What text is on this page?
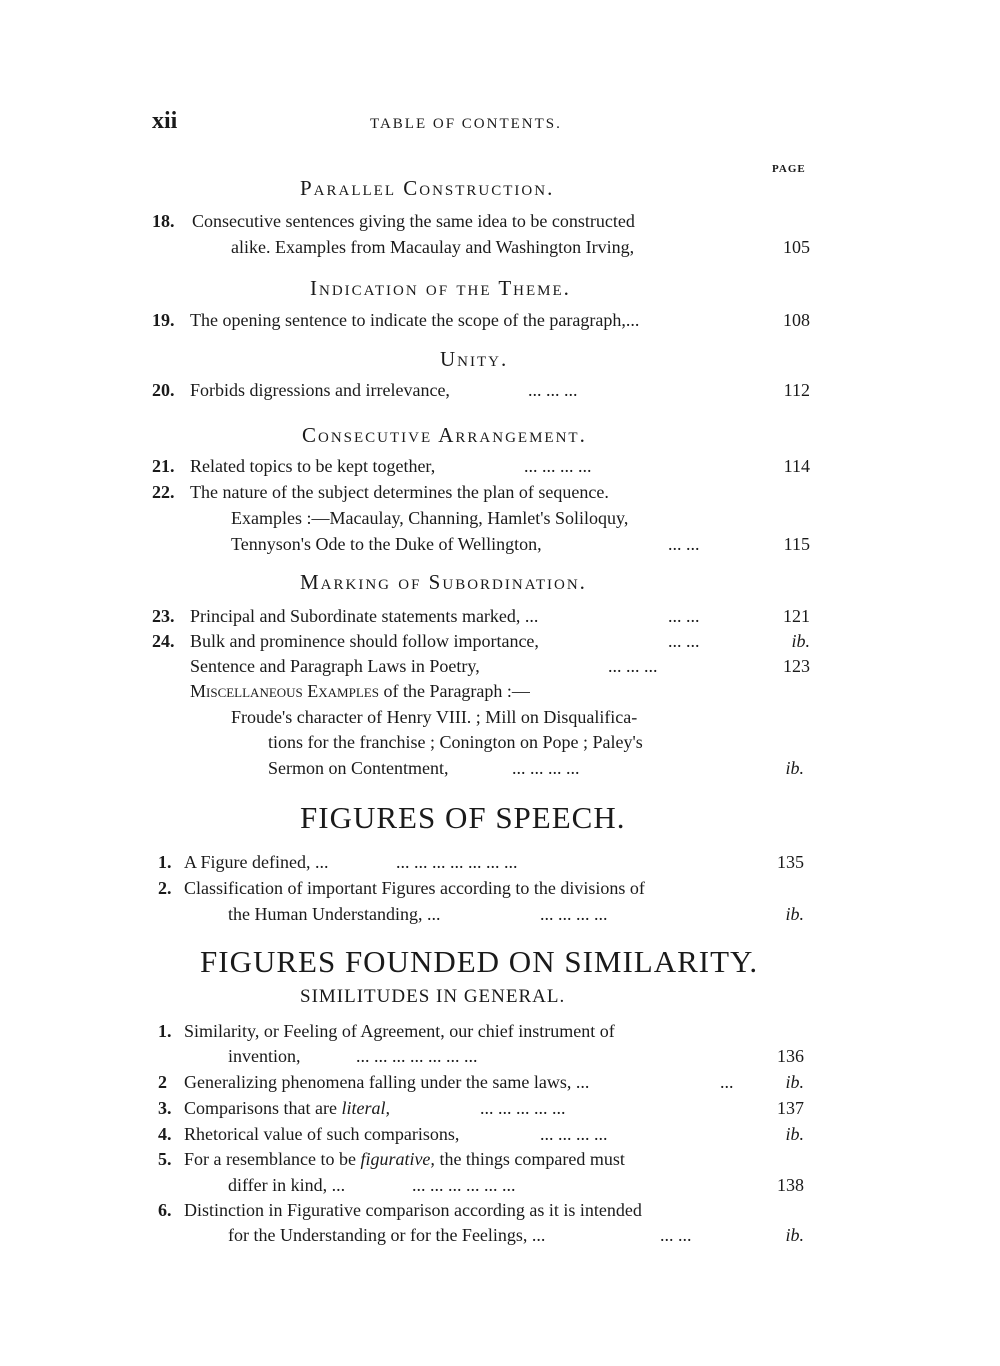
xii	TABLE OF CONTENTS.
PAGE
Parallel Construction.
18. Consecutive sentences giving the same idea to be constructed
alike. Examples from Macaulay and Washington Irving,	105
Indication of the Theme.
19. The opening sentence to indicate the scope of the paragraph,...	108
Unity.
20. Forbids digressions and irrelevance,	... ... ...	112
Consecutive Arrangement.
21. Related topics to be kept together,	... ... ... ...	114
22. The nature of the subject determines the plan of sequence.
Examples :—Macaulay, Channing, Hamlet's Soliloquy,
Tennyson's Ode to the Duke of Wellington,	... ...	115
Marking of Subordination.
23. Principal and Subordinate statements marked, ...	... ...	121
24. Bulk and prominence should follow importance,	... ...	ib.
Sentence and Paragraph Laws in Poetry,	... ... ...	123
Miscellaneous Examples of the Paragraph :—
Froude's character of Henry VIII. ; Mill on Disqualifica-
tions for the franchise ; Conington on Pope ; Paley's
Sermon on Contentment,	... ... ... ...	ib.
FIGURES OF SPEECH.
1. A Figure defined, ...	... ... ... ... ... ... ...	135
2. Classification of important Figures according to the divisions of
the Human Understanding, ...	... ... ... ...	ib.
FIGURES FOUNDED ON SIMILARITY.
SIMILITUDES IN GENERAL.
1. Similarity, or Feeling of Agreement, our chief instrument of
invention,	... ... ... ... ... ... ...	136
2 Generalizing phenomena falling under the same laws, ...	...	ib.
3. Comparisons that are literal,	... ... ... ... ...	137
4. Rhetorical value of such comparisons,	... ... ... ...	ib.
5. For a resemblance to be figurative, the things compared must
differ in kind, ...	... ... ... ... ... ...	138
6. Distinction in Figurative comparison according as it is intended
for the Understanding or for the Feelings, ...	... ...	ib.
